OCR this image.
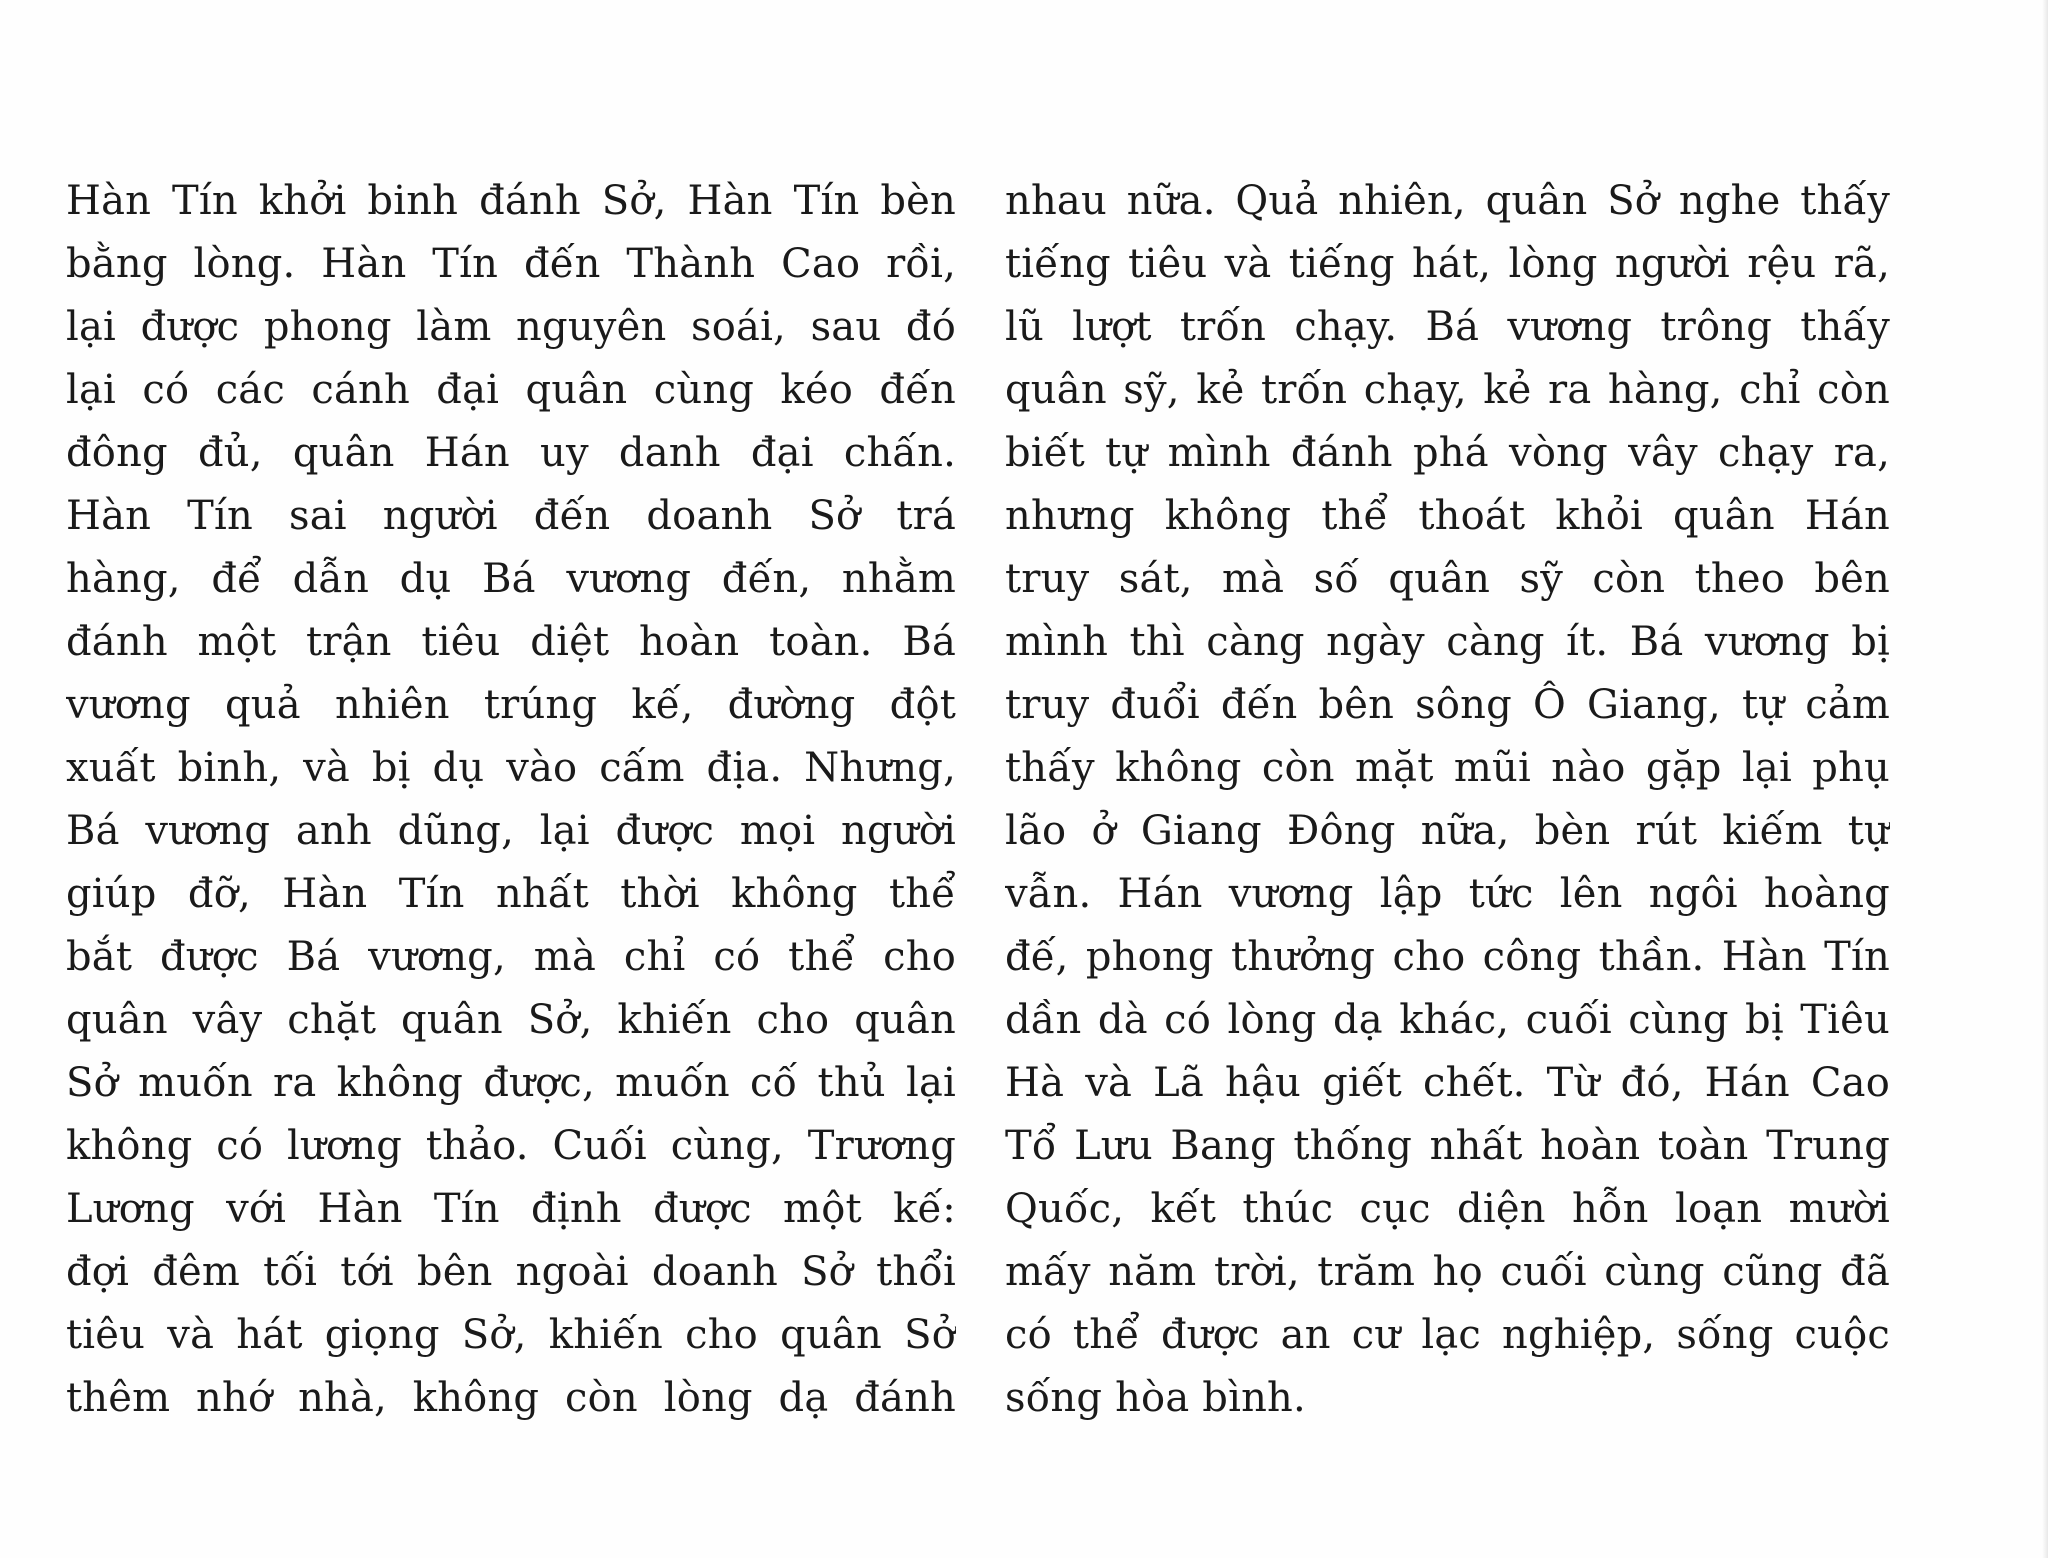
Hàn Tín khởi binh đánh Sở, Hàn Tín bèn
bằng lòng. Hàn Tín đến Thành Cao rồi,
lại được phong làm nguyên soái, sau đó
lại có các cánh đại quân cùng kéo đến
đông đủ, quân Hán uy danh đại chấn.
Hàn Tín sai người đến doanh Sở trá
hàng, để dẫn dụ Bá vương đến, nhằm
đánh một trận tiêu diệt hoàn toàn. Bá
vương quả nhiên trúng kế, đường đột
xuất binh, và bị dụ vào cấm địa. Nhưng,
Bá vương anh dũng, lại được mọi người
giúp đỡ, Hàn Tín nhất thời không thể
bắt được Bá vương, mà chỉ có thể cho
quân vây chặt quân Sở, khiến cho quân
Sở muốn ra không được, muốn cố thủ lại
không có lương thảo. Cuối cùng, Trương
Lương với Hàn Tín định được một kế:
đợi đêm tối tới bên ngoài doanh Sở thổi
tiêu và hát giọng Sở, khiến cho quân Sở
thêm nhớ nhà, không còn lòng dạ đánh
nhau nữa. Quả nhiên, quân Sở nghe thấy
tiếng tiêu và tiếng hát, lòng người rệu rã,
lũ lượt trốn chạy. Bá vương trông thấy
quân sỹ, kẻ trốn chạy, kẻ ra hàng, chỉ còn
biết tự mình đánh phá vòng vây chạy ra,
nhưng không thể thoát khỏi quân Hán
truy sát, mà số quân sỹ còn theo bên
mình thì càng ngày càng ít. Bá vương bị
truy đuổi đến bên sông Ô Giang, tự cảm
thấy không còn mặt mũi nào gặp lại phụ
lão ở Giang Đông nữa, bèn rút kiếm tự
vẫn. Hán vương lập tức lên ngôi hoàng
đế, phong thưởng cho công thần. Hàn Tín
dần dà có lòng dạ khác, cuối cùng bị Tiêu
Hà và Lã hậu giết chết. Từ đó, Hán Cao
Tổ Lưu Bang thống nhất hoàn toàn Trung
Quốc, kết thúc cục diện hỗn loạn mười
mấy năm trời, trăm họ cuối cùng cũng đã
có thể được an cư lạc nghiệp, sống cuộc
sống hòa bình.
